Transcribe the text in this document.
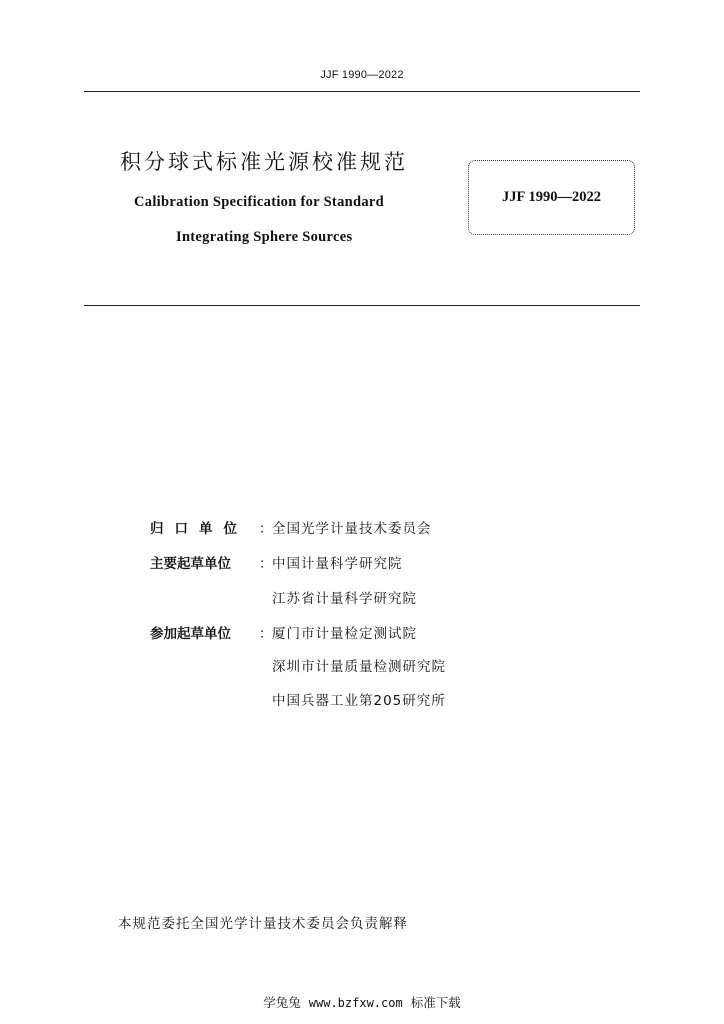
JJF 1990—2022
积分球式标准光源校准规范
Calibration Specification for Standard
Integrating Sphere Sources
JJF 1990—2022
归口单位 ：
全国光学计量技术委员会
主要起草单位 ：
中国计量科学研究院
江苏省计量科学研究院
参加起草单位 ：
厦门市计量检定测试院
深圳市计量质量检测研究院
中国兵器工业第205研究所
本规范委托全国光学计量技术委员会负责解释
学兔兔 www.bzfxw.com 标准下载
